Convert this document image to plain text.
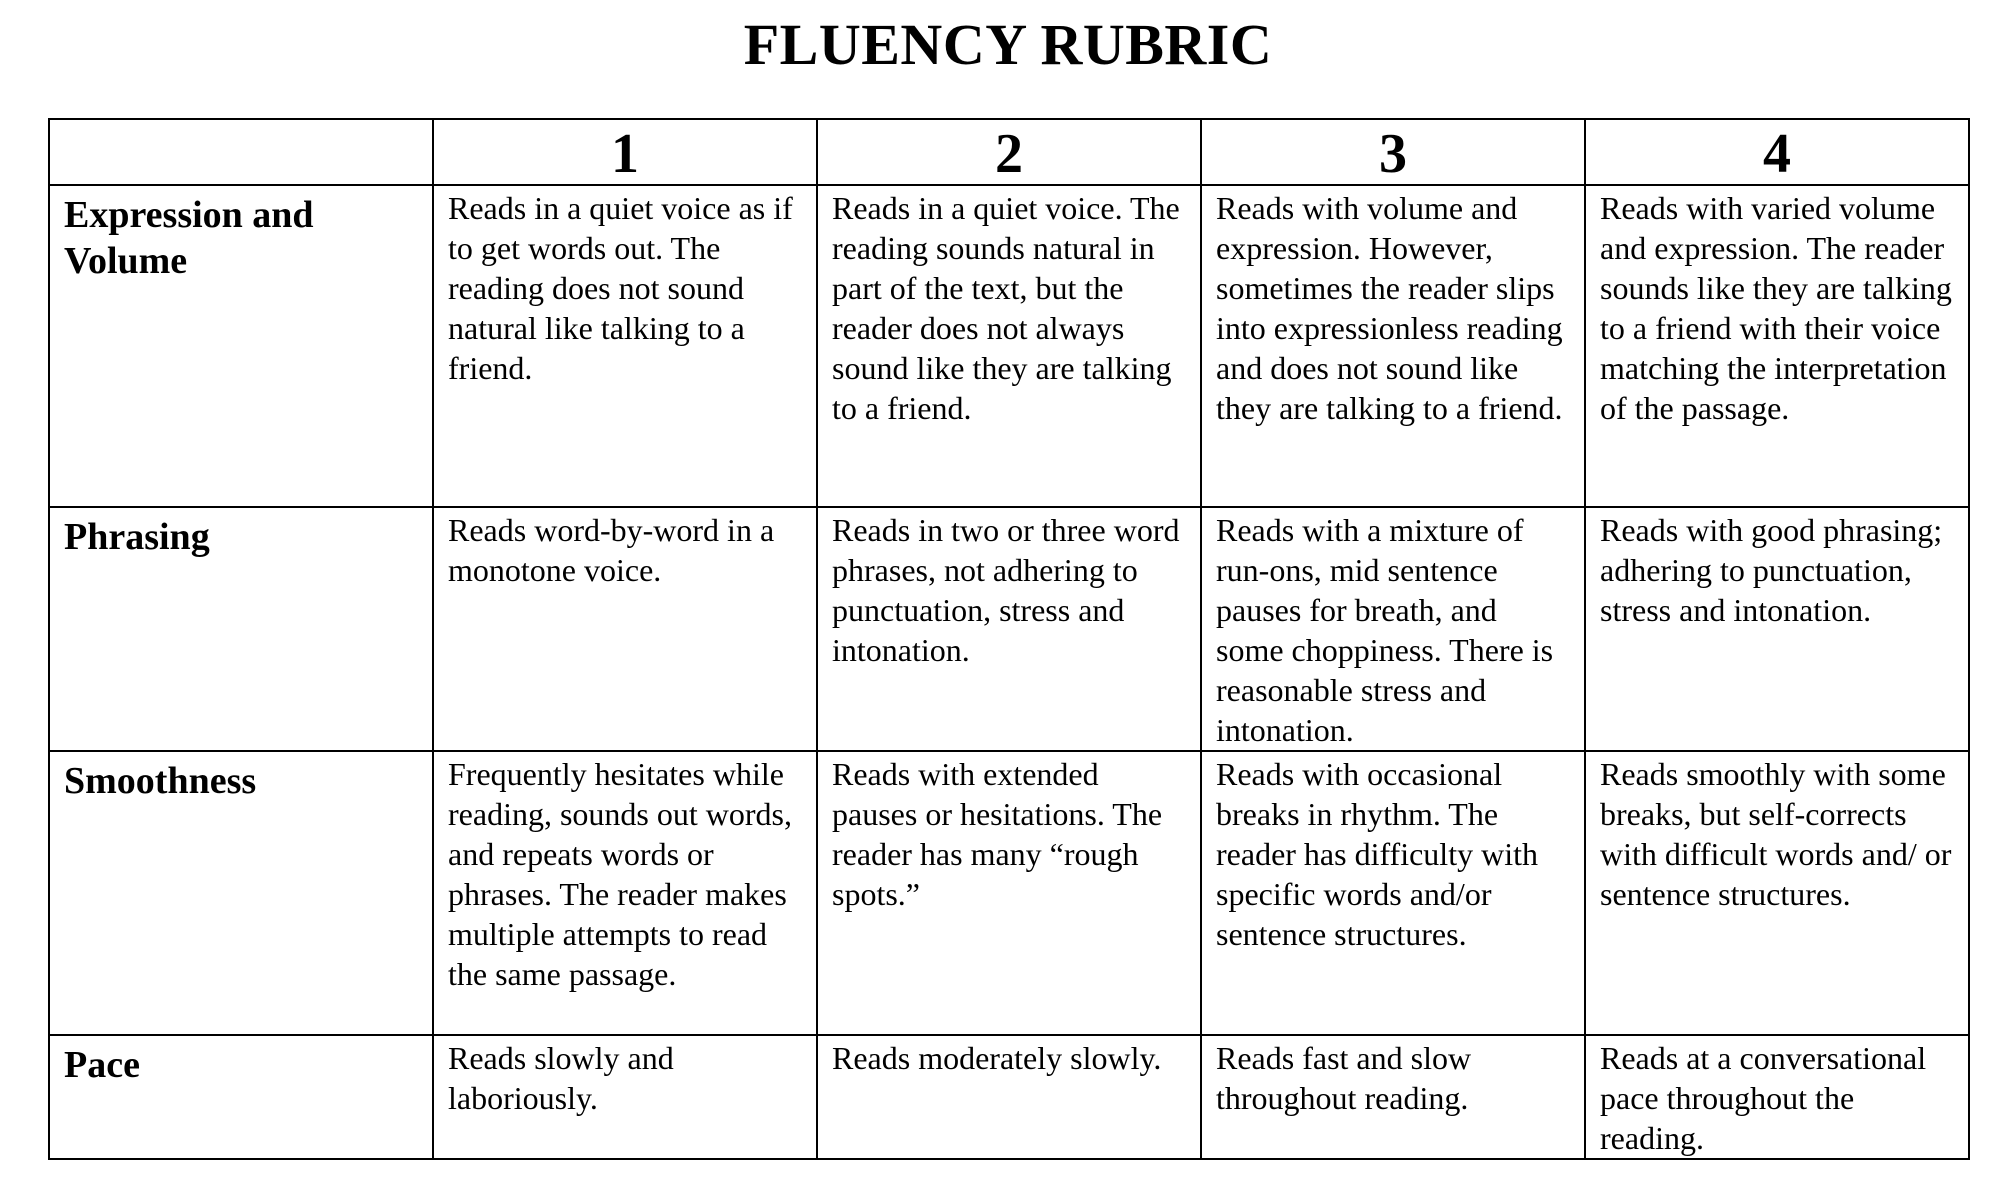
FLUENCY RUBRIC
	1	2	3	4
Expression and Volume	Reads in a quiet voice as if to get words out. The reading does not sound natural like talking to a friend.	Reads in a quiet voice. The reading sounds natural in part of the text, but the reader does not always sound like they are talking to a friend.	Reads with volume and expression. However, sometimes the reader slips into expressionless reading and does not sound like they are talking to a friend.	Reads with varied volume and expression. The reader sounds like they are talking to a friend with their voice matching the interpretation of the passage.
Phrasing	Reads word-by-word in a monotone voice.	Reads in two or three word phrases, not adhering to punctuation, stress and intonation.	Reads with a mixture of run-ons, mid sentence pauses for breath, and some choppiness. There is reasonable stress and intonation.	Reads with good phrasing; adhering to punctuation, stress and intonation.
Smoothness	Frequently hesitates while reading, sounds out words, and repeats words or phrases. The reader makes multiple attempts to read the same passage.	Reads with extended pauses or hesitations. The reader has many “rough spots.”	Reads with occasional breaks in rhythm. The reader has difficulty with specific words and/or sentence structures.	Reads smoothly with some breaks, but self-corrects with difficult words and/ or sentence structures.
Pace	Reads slowly and laboriously.	Reads moderately slowly.	Reads fast and slow throughout reading.	Reads at a conversational pace throughout the reading.
